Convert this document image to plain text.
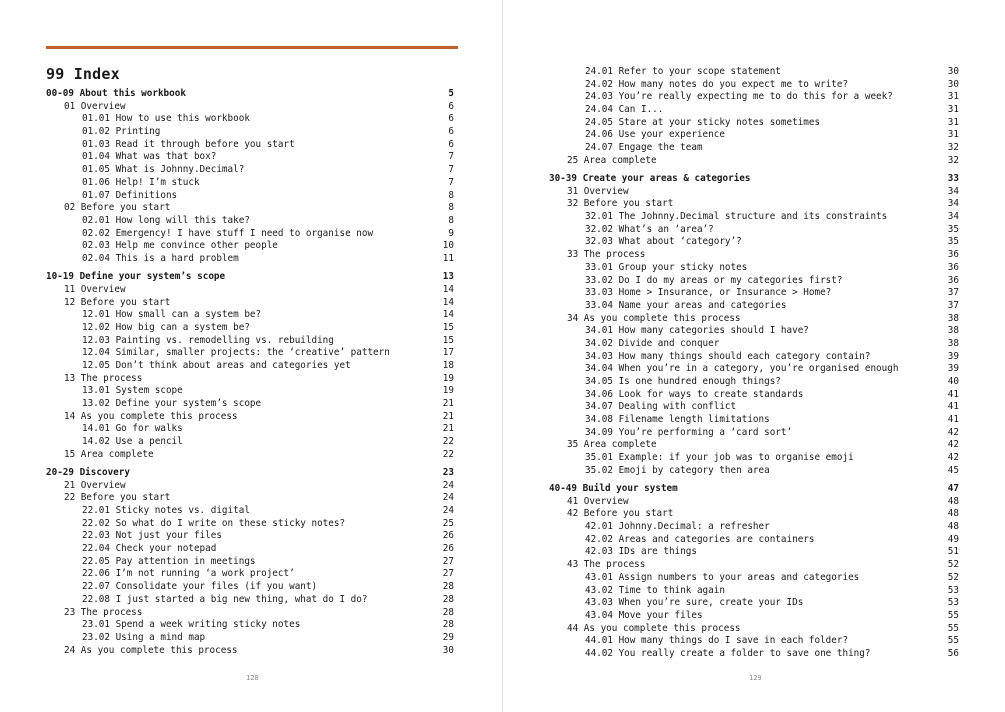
99 Index
00-09 About this workbook	5
01 Overview	6
01.01 How to use this workbook	6
01.02 Printing	6
01.03 Read it through before you start	6
01.04 What was that box?	7
01.05 What is Johnny.Decimal?	7
01.06 Help! I’m stuck	7
01.07 Definitions	8
02 Before you start	8
02.01 How long will this take?	8
02.02 Emergency! I have stuff I need to organise now	9
02.03 Help me convince other people	10
02.04 This is a hard problem	11
10-19 Define your system’s scope	13
11 Overview	14
12 Before you start	14
12.01 How small can a system be?	14
12.02 How big can a system be?	15
12.03 Painting vs. remodelling vs. rebuilding	15
12.04 Similar, smaller projects: the ‘creative’ pattern	17
12.05 Don’t think about areas and categories yet	18
13 The process	19
13.01 System scope	19
13.02 Define your system’s scope	21
14 As you complete this process	21
14.01 Go for walks	21
14.02 Use a pencil	22
15 Area complete	22
20-29 Discovery	23
21 Overview	24
22 Before you start	24
22.01 Sticky notes vs. digital	24
22.02 So what do I write on these sticky notes?	25
22.03 Not just your files	26
22.04 Check your notepad	26
22.05 Pay attention in meetings	27
22.06 I’m not running ‘a work project’	27
22.07 Consolidate your files (if you want)	28
22.08 I just started a big new thing, what do I do?	28
23 The process	28
23.01 Spend a week writing sticky notes	28
23.02 Using a mind map	29
24 As you complete this process	30
128
24.01 Refer to your scope statement	30
24.02 How many notes do you expect me to write?	30
24.03 You’re really expecting me to do this for a week?	31
24.04 Can I...	31
24.05 Stare at your sticky notes sometimes	31
24.06 Use your experience	31
24.07 Engage the team	32
25 Area complete	32
30-39 Create your areas & categories	33
31 Overview	34
32 Before you start	34
32.01 The Johnny.Decimal structure and its constraints	34
32.02 What’s an ‘area’?	35
32.03 What about ‘category’?	35
33 The process	36
33.01 Group your sticky notes	36
33.02 Do I do my areas or my categories first?	36
33.03 Home > Insurance, or Insurance > Home?	37
33.04 Name your areas and categories	37
34 As you complete this process	38
34.01 How many categories should I have?	38
34.02 Divide and conquer	38
34.03 How many things should each category contain?	39
34.04 When you’re in a category, you’re organised enough	39
34.05 Is one hundred enough things?	40
34.06 Look for ways to create standards	41
34.07 Dealing with conflict	41
34.08 Filename length limitations	41
34.09 You’re performing a ‘card sort’	42
35 Area complete	42
35.01 Example: if your job was to organise emoji	42
35.02 Emoji by category then area	45
40-49 Build your system	47
41 Overview	48
42 Before you start	48
42.01 Johnny.Decimal: a refresher	48
42.02 Areas and categories are containers	49
42.03 IDs are things	51
43 The process	52
43.01 Assign numbers to your areas and categories	52
43.02 Time to think again	53
43.03 When you’re sure, create your IDs	53
43.04 Move your files	55
44 As you complete this process	55
44.01 How many things do I save in each folder?	55
44.02 You really create a folder to save one thing?	56
129
